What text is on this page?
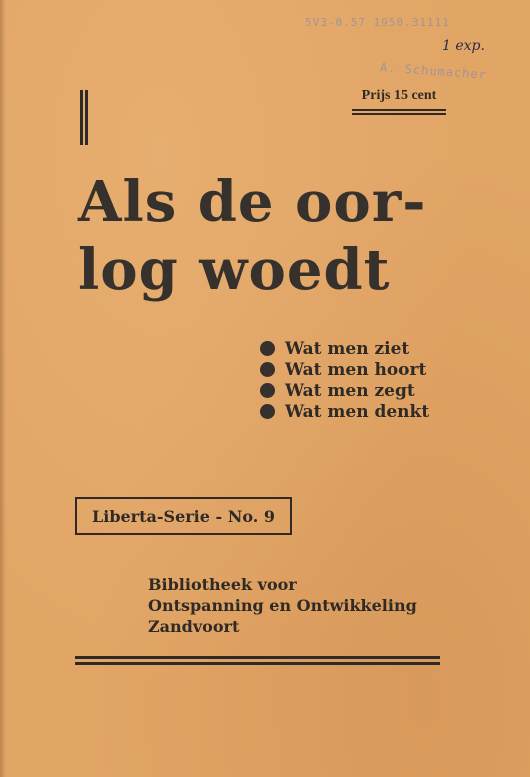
5V3-0.57 1950.31111
1 exp.
A. Schumacher

Prijs 15 cent

Als de oor-
log woedt
Wat men ziet
Wat men hoort
Wat men zegt
Wat men denkt
Liberta-Serie - No. 9

Bibliotheek voor
Ontspanning en Ontwikkeling
Zandvoort
